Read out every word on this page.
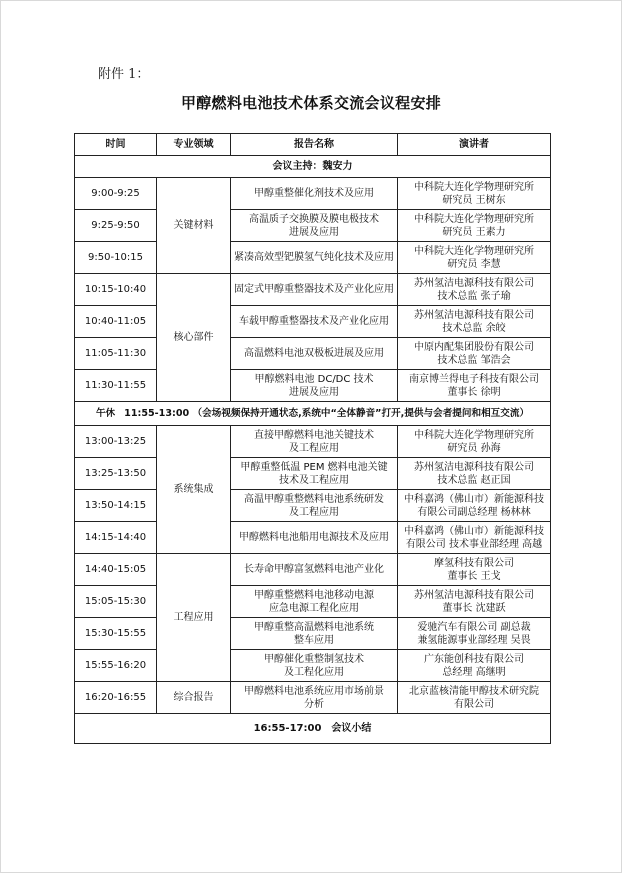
附件 1：
甲醇燃料电池技术体系交流会议程安排
时间	专业领域	报告名称	演讲者
会议主持：魏安力			
9:00-9:25	关键材料	甲醇重整催化剂技术及应用	中科院大连化学物理研究所
研究员 王树东

9:25-9:50		高温质子交换膜及膜电极技术
进展及应用	中科院大连化学物理研究所
研究员 王素力

9:50-10:15		紧凑高效型钯膜氢气纯化技术及应用	中科院大连化学物理研究所
研究员 李慧

10:15-10:40	核心部件	固定式甲醇重整器技术及产业化应用	苏州氢洁电源科技有限公司
技术总监 张子瑜

10:40-11:05		车载甲醇重整器技术及产业化应用	苏州氢洁电源科技有限公司
技术总监 余皎

11:05-11:30		高温燃料电池双极板进展及应用	中原内配集团股份有限公司
技术总监 邹浩会

11:30-11:55		甲醇燃料电池 DC/DC 技术
进展及应用	南京博兰得电子科技有限公司
董事长 徐明

午休 11:55-13:00 （会场视频保持开通状态,系统中“全体静音”打开,提供与会者提问和相互交流）			
13:00-13:25	系统集成	直接甲醇燃料电池关键技术
及工程应用	中科院大连化学物理研究所
研究员 孙海

13:25-13:50		甲醇重整低温 PEM 燃料电池关键
技术及工程应用	苏州氢洁电源科技有限公司
技术总监 赵正国

13:50-14:15		高温甲醇重整燃料电池系统研发
及工程应用	中科嘉鸿（佛山市）新能源科技
有限公司副总经理 杨林林

14:15-14:40		甲醇燃料电池船用电源技术及应用	中科嘉鸿（佛山市）新能源科技
有限公司 技术事业部经理 高越

14:40-15:05	工程应用	长寿命甲醇富氢燃料电池产业化	摩氢科技有限公司
董事长 王戈

15:05-15:30		甲醇重整燃料电池移动电源
应急电源工程化应用	苏州氢洁电源科技有限公司
董事长 沈建跃

15:30-15:55		甲醇重整高温燃料电池系统
整车应用	爱驰汽车有限公司 副总裁
兼氢能源事业部经理 吴畏

15:55-16:20		甲醇催化重整制氢技术
及工程化应用	广东能创科技有限公司
总经理 高继明

16:20-16:55	综合报告	甲醇燃料电池系统应用市场前景
分析	北京蓝核清能甲醇技术研究院
有限公司

16:55-17:00　会议小结			
